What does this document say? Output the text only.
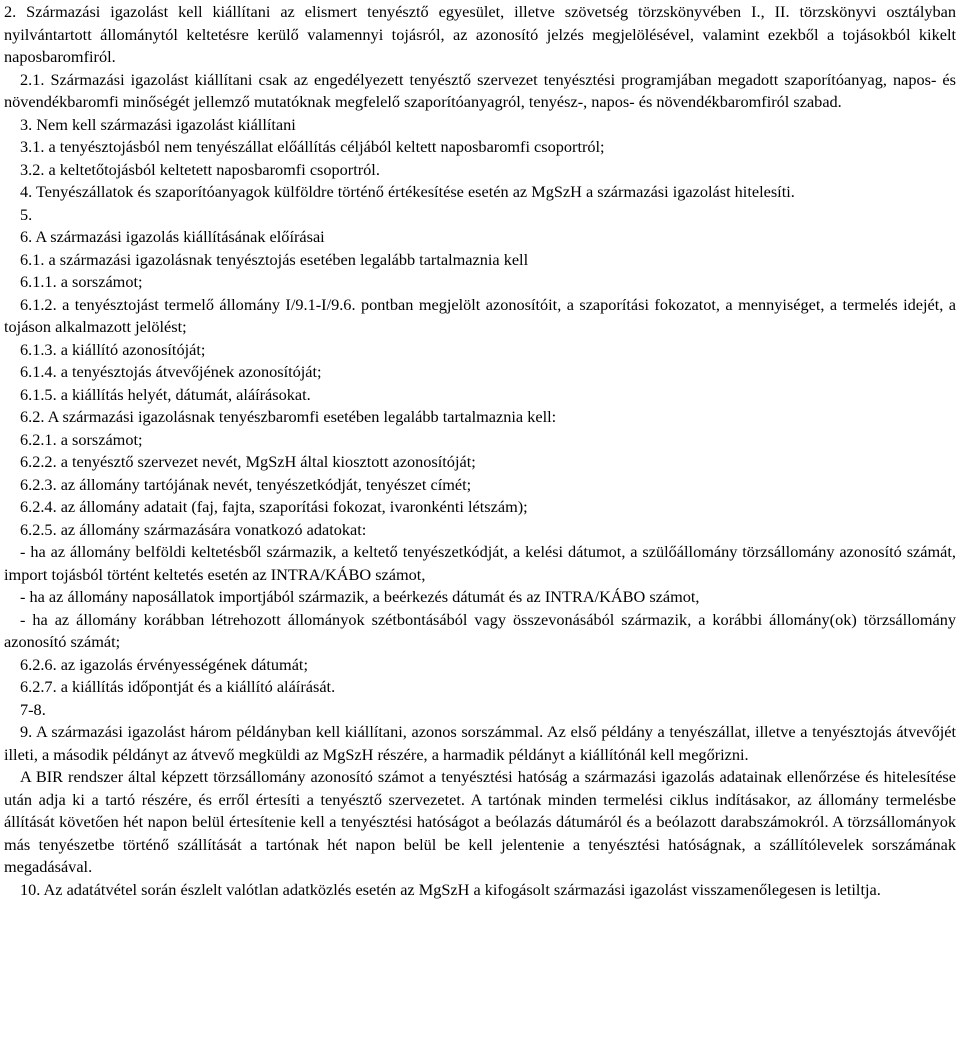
2. Származási igazolást kell kiállítani az elismert tenyésztő egyesület, illetve szövetség törzskönyvében I., II. törzskönyvi osztályban nyilvántartott állománytól keltetésre kerülő valamennyi tojásról, az azonosító jelzés megjelölésével, valamint ezekből a tojásokból kikelt naposbaromfiról.

2.1. Származási igazolást kiállítani csak az engedélyezett tenyésztő szervezet tenyésztési programjában megadott szaporítóanyag, napos- és növendékbaromfi minőségét jellemző mutatóknak megfelelő szaporítóanyagról, tenyész-, napos- és növendékbaromfiról szabad.

3. Nem kell származási igazolást kiállítani

3.1. a tenyésztojásból nem tenyészállat előállítás céljából keltett naposbaromfi csoportról;

3.2. a keltetőtojásból keltetett naposbaromfi csoportról.

4. Tenyészállatok és szaporítóanyagok külföldre történő értékesítése esetén az MgSzH a származási igazolást hitelesíti.

5.

6. A származási igazolás kiállításának előírásai

6.1. a származási igazolásnak tenyésztojás esetében legalább tartalmaznia kell

6.1.1. a sorszámot;

6.1.2. a tenyésztojást termelő állomány I/9.1-I/9.6. pontban megjelölt azonosítóit, a szaporítási fokozatot, a mennyiséget, a termelés idejét, a tojáson alkalmazott jelölést;

6.1.3. a kiállító azonosítóját;

6.1.4. a tenyésztojás átvevőjének azonosítóját;

6.1.5. a kiállítás helyét, dátumát, aláírásokat.

6.2. A származási igazolásnak tenyészbaromfi esetében legalább tartalmaznia kell:

6.2.1. a sorszámot;

6.2.2. a tenyésztő szervezet nevét, MgSzH által kiosztott azonosítóját;

6.2.3. az állomány tartójának nevét, tenyészetkódját, tenyészet címét;

6.2.4. az állomány adatait (faj, fajta, szaporítási fokozat, ivaronkénti létszám);

6.2.5. az állomány származására vonatkozó adatokat:

- ha az állomány belföldi keltetésből származik, a keltető tenyészetkódját, a kelési dátumot, a szülőállomány törzsállomány azonosító számát, import tojásból történt keltetés esetén az INTRA/KÁBO számot,

- ha az állomány naposállatok importjából származik, a beérkezés dátumát és az INTRA/KÁBO számot,

- ha az állomány korábban létrehozott állományok szétbontásából vagy összevonásából származik, a korábbi állomány(ok) törzsállomány azonosító számát;

6.2.6. az igazolás érvényességének dátumát;

6.2.7. a kiállítás időpontját és a kiállító aláírását.

7-8.

9. A származási igazolást három példányban kell kiállítani, azonos sorszámmal. Az első példány a tenyészállat, illetve a tenyésztojás átvevőjét illeti, a második példányt az átvevő megküldi az MgSzH részére, a harmadik példányt a kiállítónál kell megőrizni.

A BIR rendszer által képzett törzsállomány azonosító számot a tenyésztési hatóság a származási igazolás adatainak ellenőrzése és hitelesítése után adja ki a tartó részére, és erről értesíti a tenyésztő szervezetet. A tartónak minden termelési ciklus indításakor, az állomány termelésbe állítását követően hét napon belül értesítenie kell a tenyésztési hatóságot a beólazás dátumáról és a beólazott darabszámokról. A törzsállományok más tenyészetbe történő szállítását a tartónak hét napon belül be kell jelentenie a tenyésztési hatóságnak, a szállítólevelek sorszámának megadásával.

10. Az adatátvétel során észlelt valótlan adatközlés esetén az MgSzH a kifogásolt származási igazolást visszamenőlegesen is letiltja.
